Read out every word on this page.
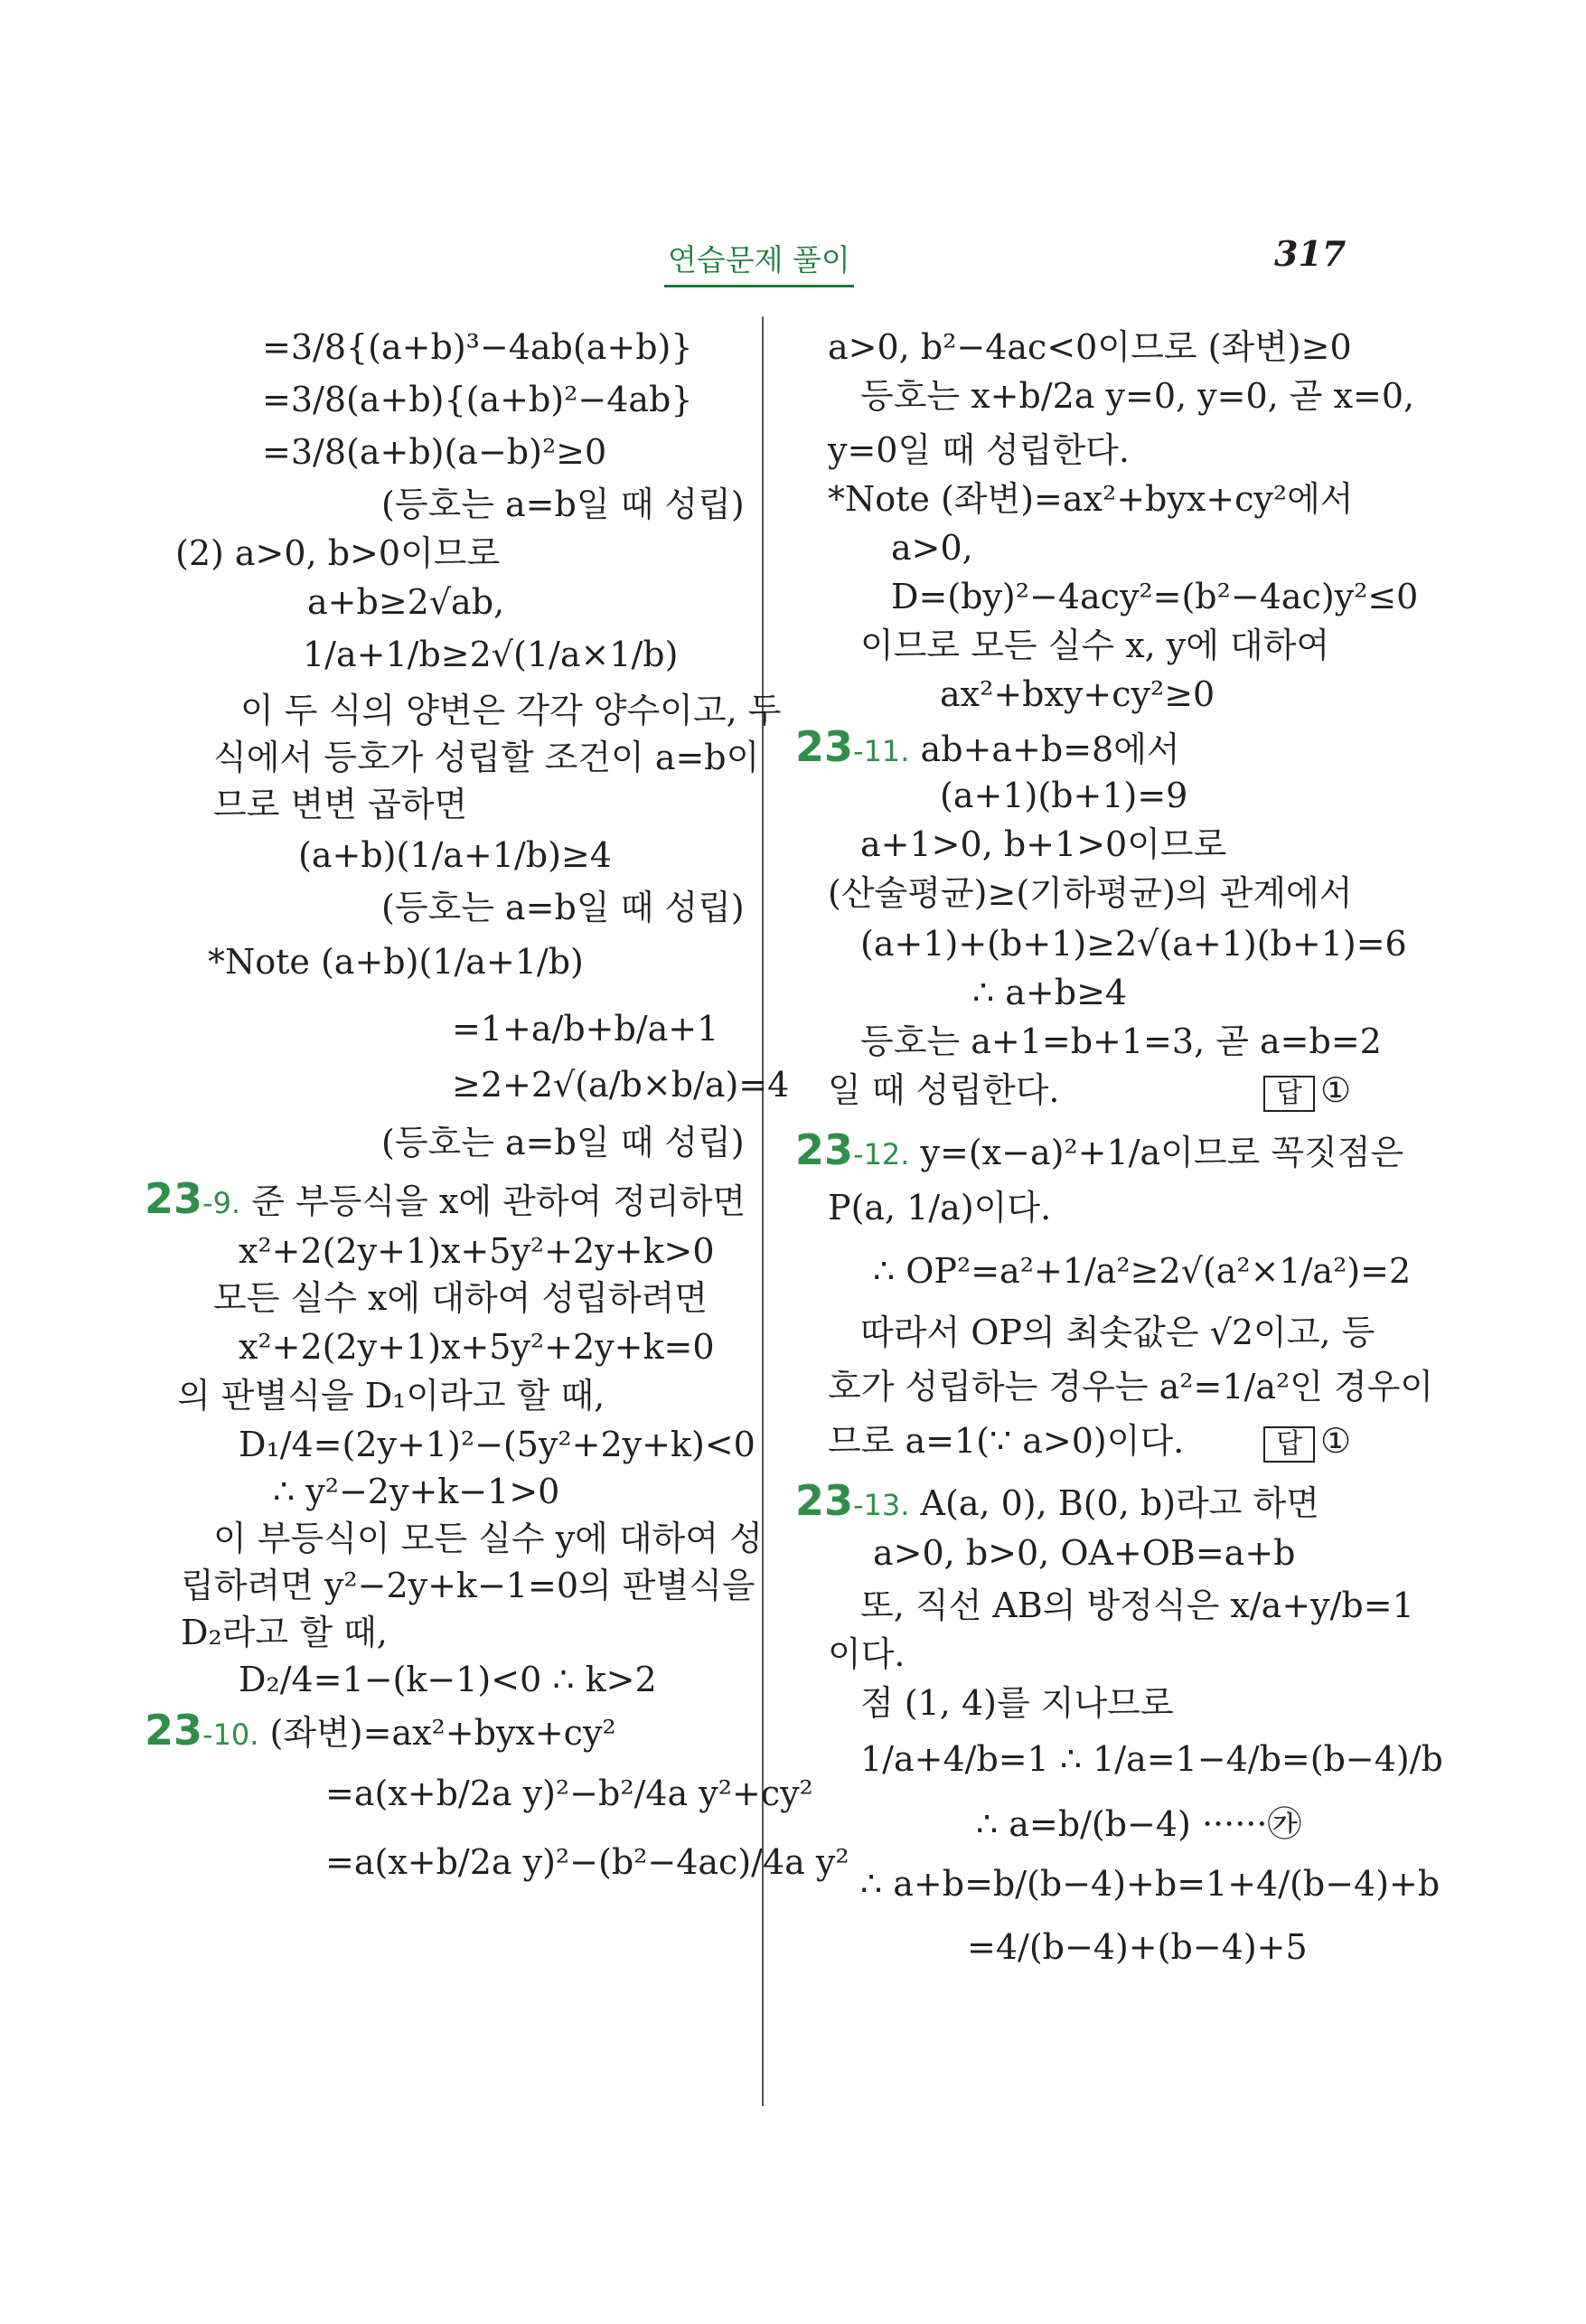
연습문제 풀이	317
=3/8{(a+b)³−4ab(a+b)}
=3/8(a+b){(a+b)²−4ab}
=3/8(a+b)(a−b)²≥0
(등호는 a=b일 때 성립)
(2) a>0, b>0이므로
a+b≥2√ab,
1/a+1/b≥2√(1/a×1/b)
이 두 식의 양변은 각각 양수이고, 두
식에서 등호가 성립할 조건이 a=b이
므로 변변 곱하면
(a+b)(1/a+1/b)≥4
(등호는 a=b일 때 성립)
*Note (a+b)(1/a+1/b)
=1+a/b+b/a+1
≥2+2√(a/b×b/a)=4
(등호는 a=b일 때 성립)
23-9. 준 부등식을 x에 관하여 정리하면
x²+2(2y+1)x+5y²+2y+k>0
모든 실수 x에 대하여 성립하려면
x²+2(2y+1)x+5y²+2y+k=0
의 판별식을 D₁이라고 할 때,
D₁/4=(2y+1)²−(5y²+2y+k)<0
∴ y²−2y+k−1>0
이 부등식이 모든 실수 y에 대하여 성
립하려면 y²−2y+k−1=0의 판별식을
D₂라고 할 때,
D₂/4=1−(k−1)<0 ∴ k>2
23-10. (좌변)=ax²+byx+cy²
=a(x+b/2a y)²−b²/4a y²+cy²
=a(x+b/2a y)²−(b²−4ac)/4a y²
a>0, b²−4ac<0이므로 (좌변)≥0
등호는 x+b/2a y=0, y=0, 곧 x=0,
y=0일 때 성립한다.
*Note (좌변)=ax²+byx+cy²에서
a>0,
D=(by)²−4acy²=(b²−4ac)y²≤0
이므로 모든 실수 x, y에 대하여
ax²+bxy+cy²≥0
23-11. ab+a+b=8에서
(a+1)(b+1)=9
a+1>0, b+1>0이므로
(산술평균)≥(기하평균)의 관계에서
(a+1)+(b+1)≥2√(a+1)(b+1)=6
∴ a+b≥4
등호는 a+1=b+1=3, 곧 a=b=2
일 때 성립한다.	답 ①
23-12. y=(x−a)²+1/a이므로 꼭짓점은
P(a, 1/a)이다.
∴ OP²=a²+1/a²≥2√(a²×1/a²)=2
따라서 OP의 최솟값은 √2이고, 등
호가 성립하는 경우는 a²=1/a²인 경우이
므로 a=1(∵ a>0)이다.	답 ①
23-13. A(a, 0), B(0, b)라고 하면
a>0, b>0, OA+OB=a+b
또, 직선 AB의 방정식은 x/a+y/b=1
이다.
점 (1, 4)를 지나므로
1/a+4/b=1 ∴ 1/a=1−4/b=(b−4)/b
∴ a=b/(b−4) ······㉮
∴ a+b=b/(b−4)+b=1+4/(b−4)+b
=4/(b−4)+(b−4)+5
